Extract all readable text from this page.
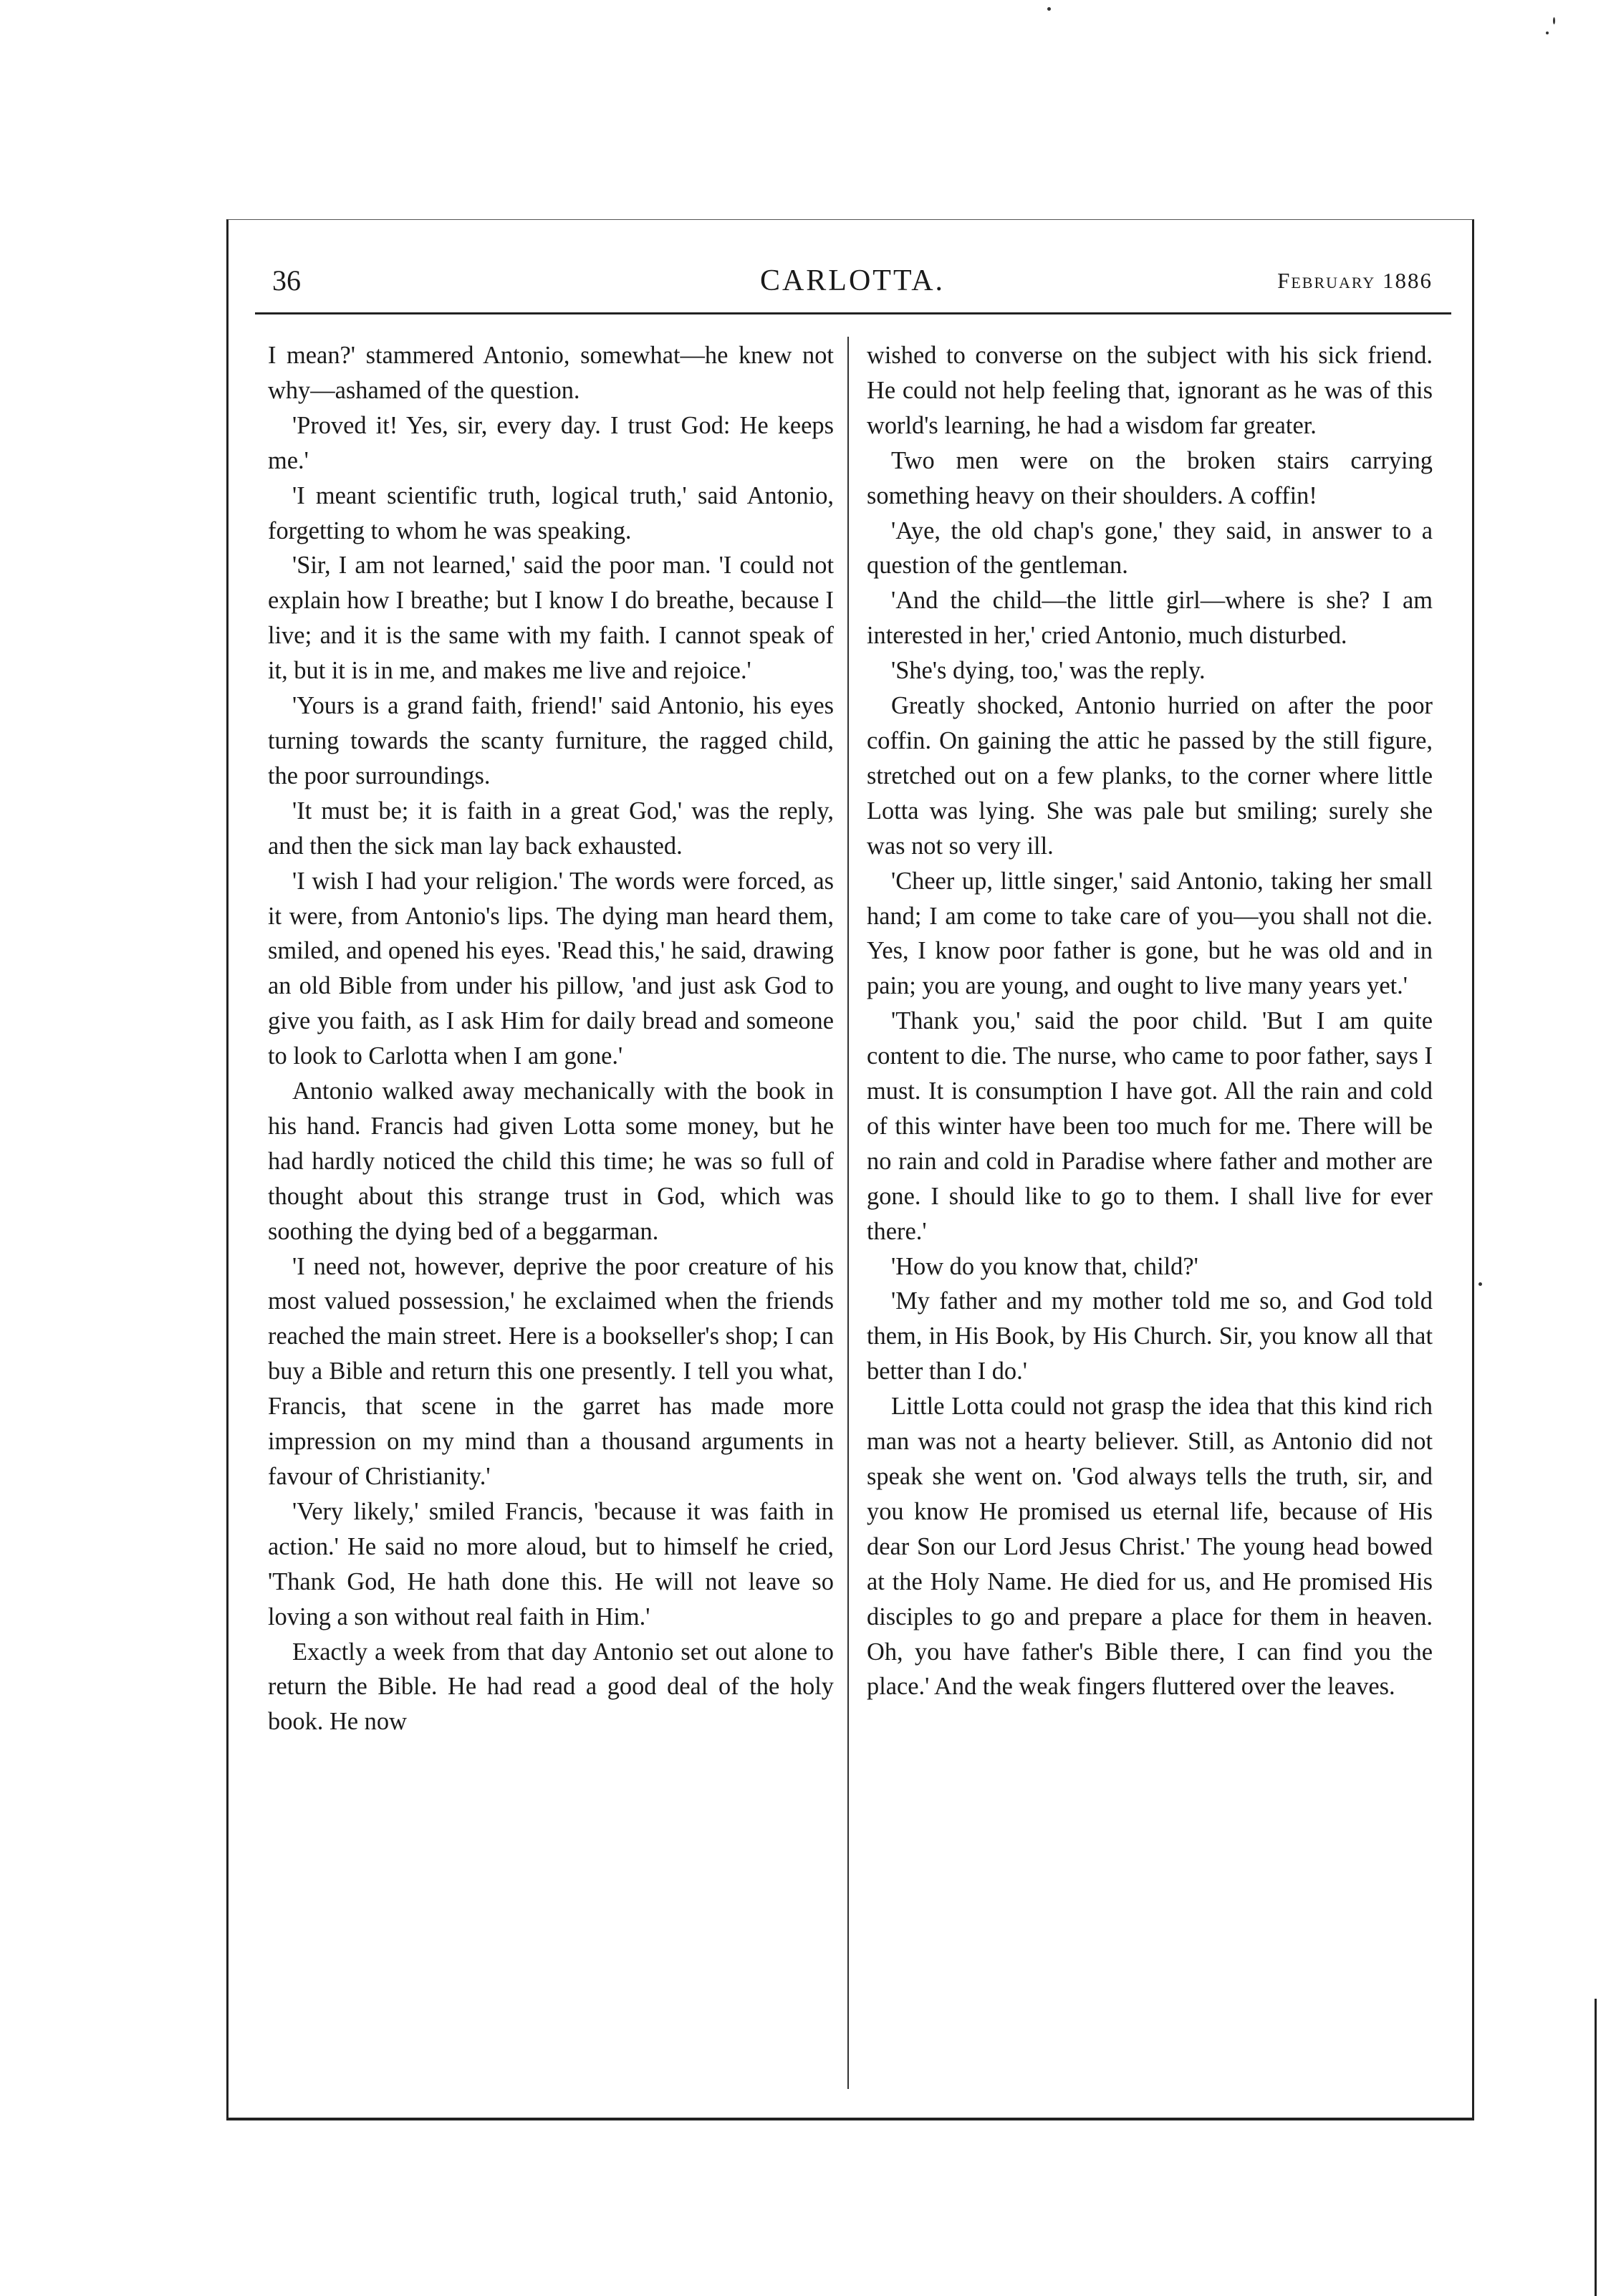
36	CARLOTTA.	February 1886

I mean?' stammered Antonio, somewhat—he knew not why—ashamed of the question.

'Proved it! Yes, sir, every day. I trust God: He keeps me.'

'I meant scientific truth, logical truth,' said Antonio, forgetting to whom he was speaking.

'Sir, I am not learned,' said the poor man. 'I could not explain how I breathe; but I know I do breathe, because I live; and it is the same with my faith. I cannot speak of it, but it is in me, and makes me live and rejoice.'

'Yours is a grand faith, friend!' said Antonio, his eyes turning towards the scanty furniture, the ragged child, the poor surroundings.

'It must be; it is faith in a great God,' was the reply, and then the sick man lay back exhausted.

'I wish I had your religion.' The words were forced, as it were, from Antonio's lips. The dying man heard them, smiled, and opened his eyes. 'Read this,' he said, drawing an old Bible from under his pillow, 'and just ask God to give you faith, as I ask Him for daily bread and someone to look to Carlotta when I am gone.'

Antonio walked away mechanically with the book in his hand. Francis had given Lotta some money, but he had hardly noticed the child this time; he was so full of thought about this strange trust in God, which was soothing the dying bed of a beggarman.

'I need not, however, deprive the poor creature of his most valued possession,' he exclaimed when the friends reached the main street. Here is a bookseller's shop; I can buy a Bible and return this one presently. I tell you what, Francis, that scene in the garret has made more impression on my mind than a thousand arguments in favour of Christianity.'

'Very likely,' smiled Francis, 'because it was faith in action.' He said no more aloud, but to himself he cried, 'Thank God, He hath done this. He will not leave so loving a son without real faith in Him.'

Exactly a week from that day Antonio set out alone to return the Bible. He had read a good deal of the holy book. He now

wished to converse on the subject with his sick friend. He could not help feeling that, ignorant as he was of this world's learning, he had a wisdom far greater.

Two men were on the broken stairs carrying something heavy on their shoulders. A coffin!

'Aye, the old chap's gone,' they said, in answer to a question of the gentleman.

'And the child—the little girl—where is she? I am interested in her,' cried Antonio, much disturbed.

'She's dying, too,' was the reply.

Greatly shocked, Antonio hurried on after the poor coffin. On gaining the attic he passed by the still figure, stretched out on a few planks, to the corner where little Lotta was lying. She was pale but smiling; surely she was not so very ill.

'Cheer up, little singer,' said Antonio, taking her small hand; I am come to take care of you—you shall not die. Yes, I know poor father is gone, but he was old and in pain; you are young, and ought to live many years yet.'

'Thank you,' said the poor child. 'But I am quite content to die. The nurse, who came to poor father, says I must. It is consumption I have got. All the rain and cold of this winter have been too much for me. There will be no rain and cold in Paradise where father and mother are gone. I should like to go to them. I shall live for ever there.'

'How do you know that, child?'

'My father and my mother told me so, and God told them, in His Book, by His Church. Sir, you know all that better than I do.'

Little Lotta could not grasp the idea that this kind rich man was not a hearty believer. Still, as Antonio did not speak she went on. 'God always tells the truth, sir, and you know He promised us eternal life, because of His dear Son our Lord Jesus Christ.' The young head bowed at the Holy Name. He died for us, and He promised His disciples to go and prepare a place for them in heaven. Oh, you have father's Bible there, I can find you the place.' And the weak fingers fluttered over the leaves.
